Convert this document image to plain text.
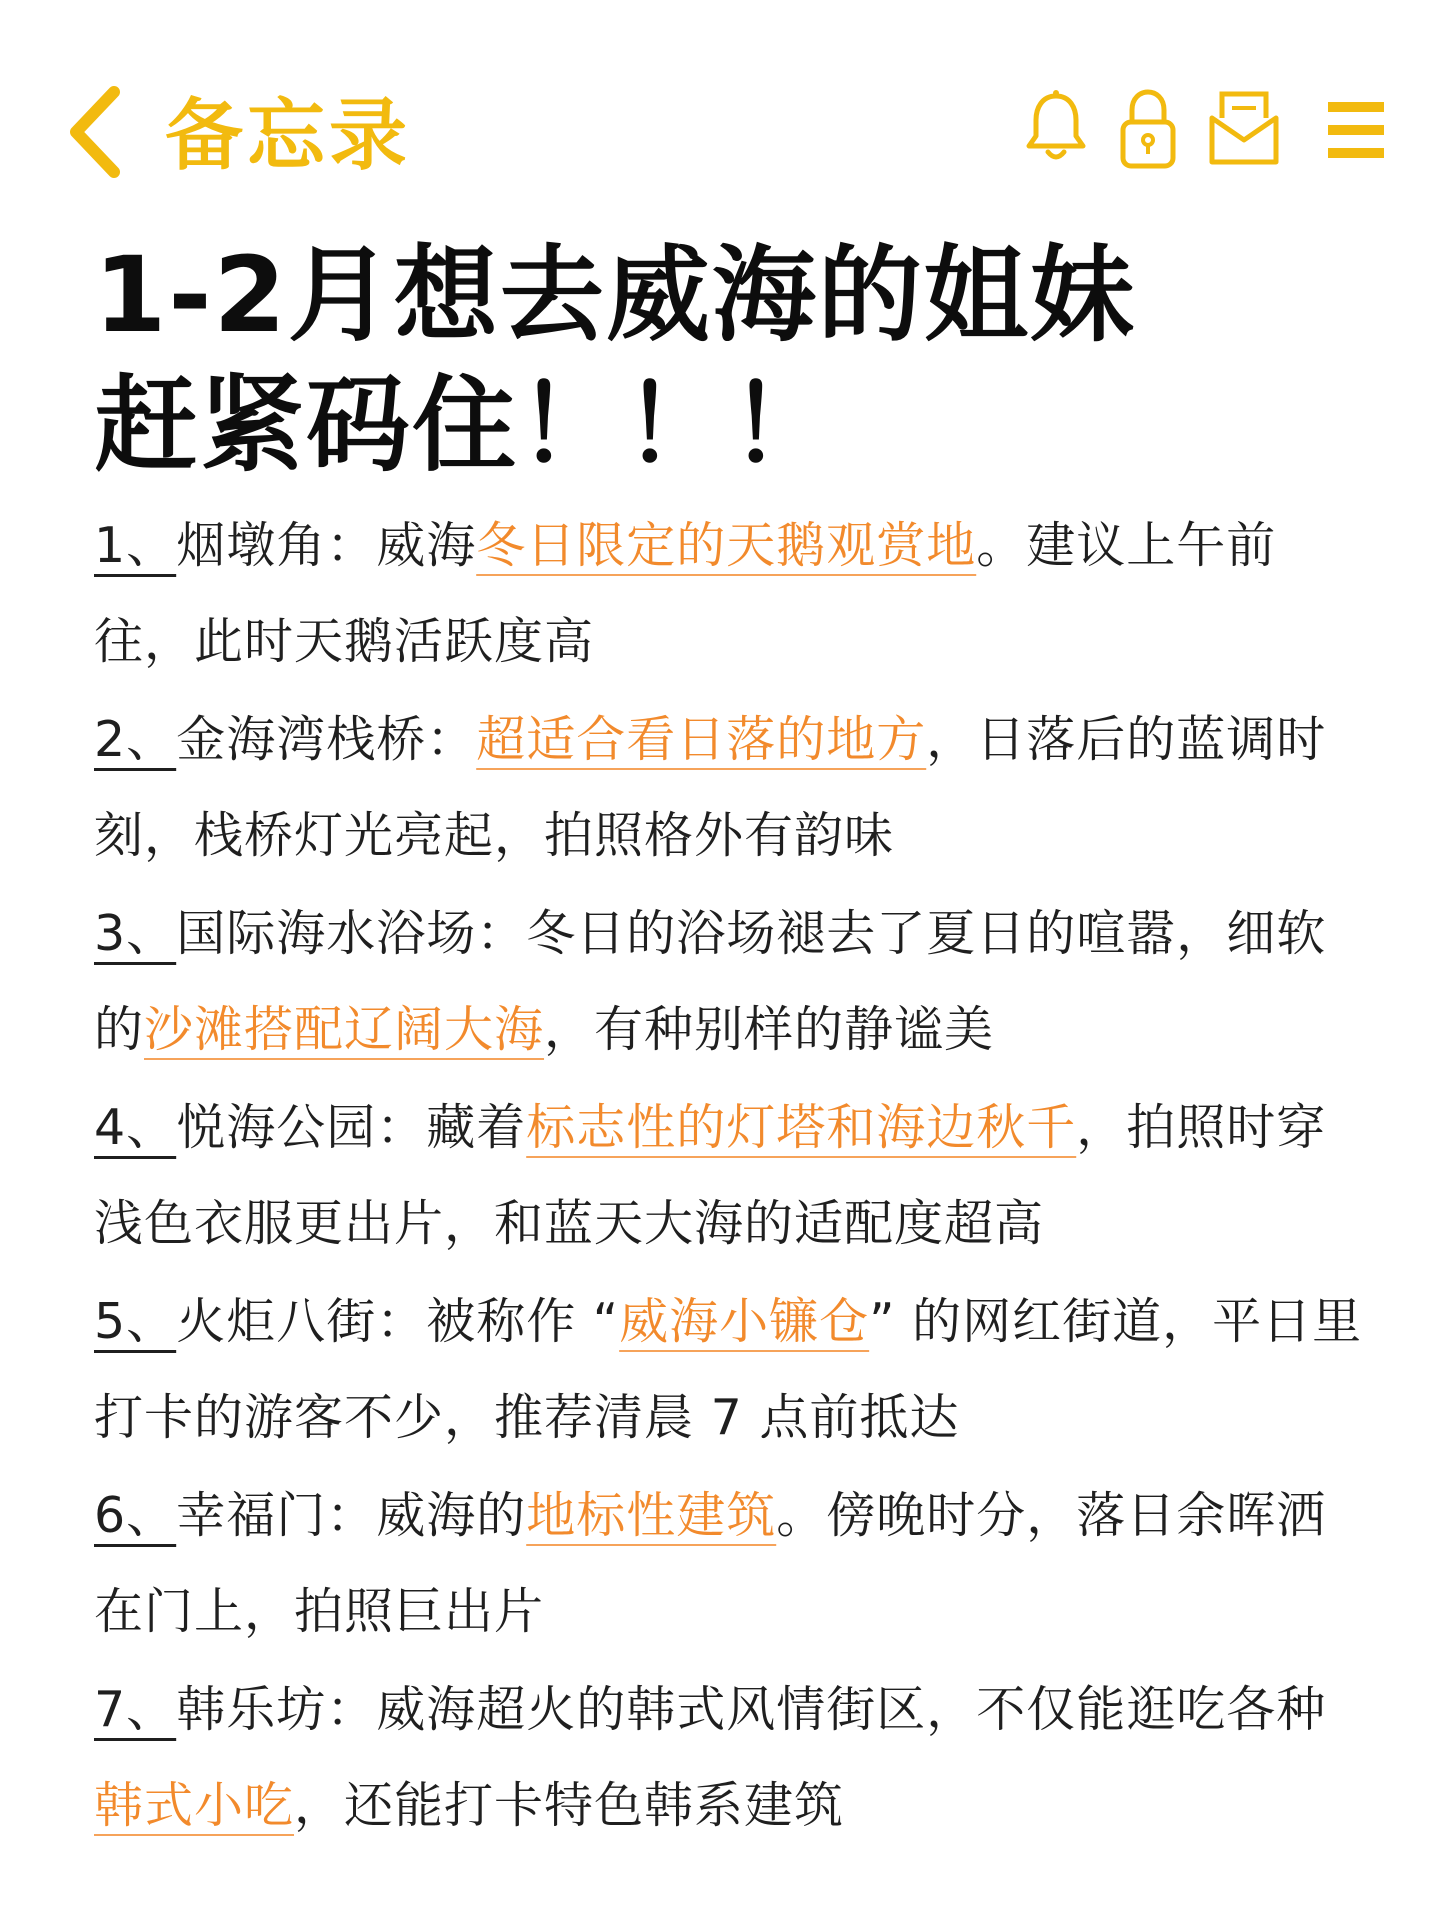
备忘录
1-2月想去威海的姐妹
赶紧码住！！！
1、烟墩角：威海冬日限定的天鹅观赏地。建议上午前往，此时天鹅活跃度高
2、金海湾栈桥：超适合看日落的地方，日落后的蓝调时刻，栈桥灯光亮起，拍照格外有韵味
3、国际海水浴场：冬日的浴场褪去了夏日的喧嚣，细软的沙滩搭配辽阔大海，有种别样的静谧美
4、悦海公园：藏着标志性的灯塔和海边秋千，拍照时穿浅色衣服更出片，和蓝天大海的适配度超高
5、火炬八街：被称作 “威海小镰仓” 的网红街道，平日里打卡的游客不少，推荐清晨 7 点前抵达
6、幸福门：威海的地标性建筑。傍晚时分，落日余晖洒在门上，拍照巨出片
7、韩乐坊：威海超火的韩式风情街区，不仅能逛吃各种韩式小吃，还能打卡特色韩系建筑
